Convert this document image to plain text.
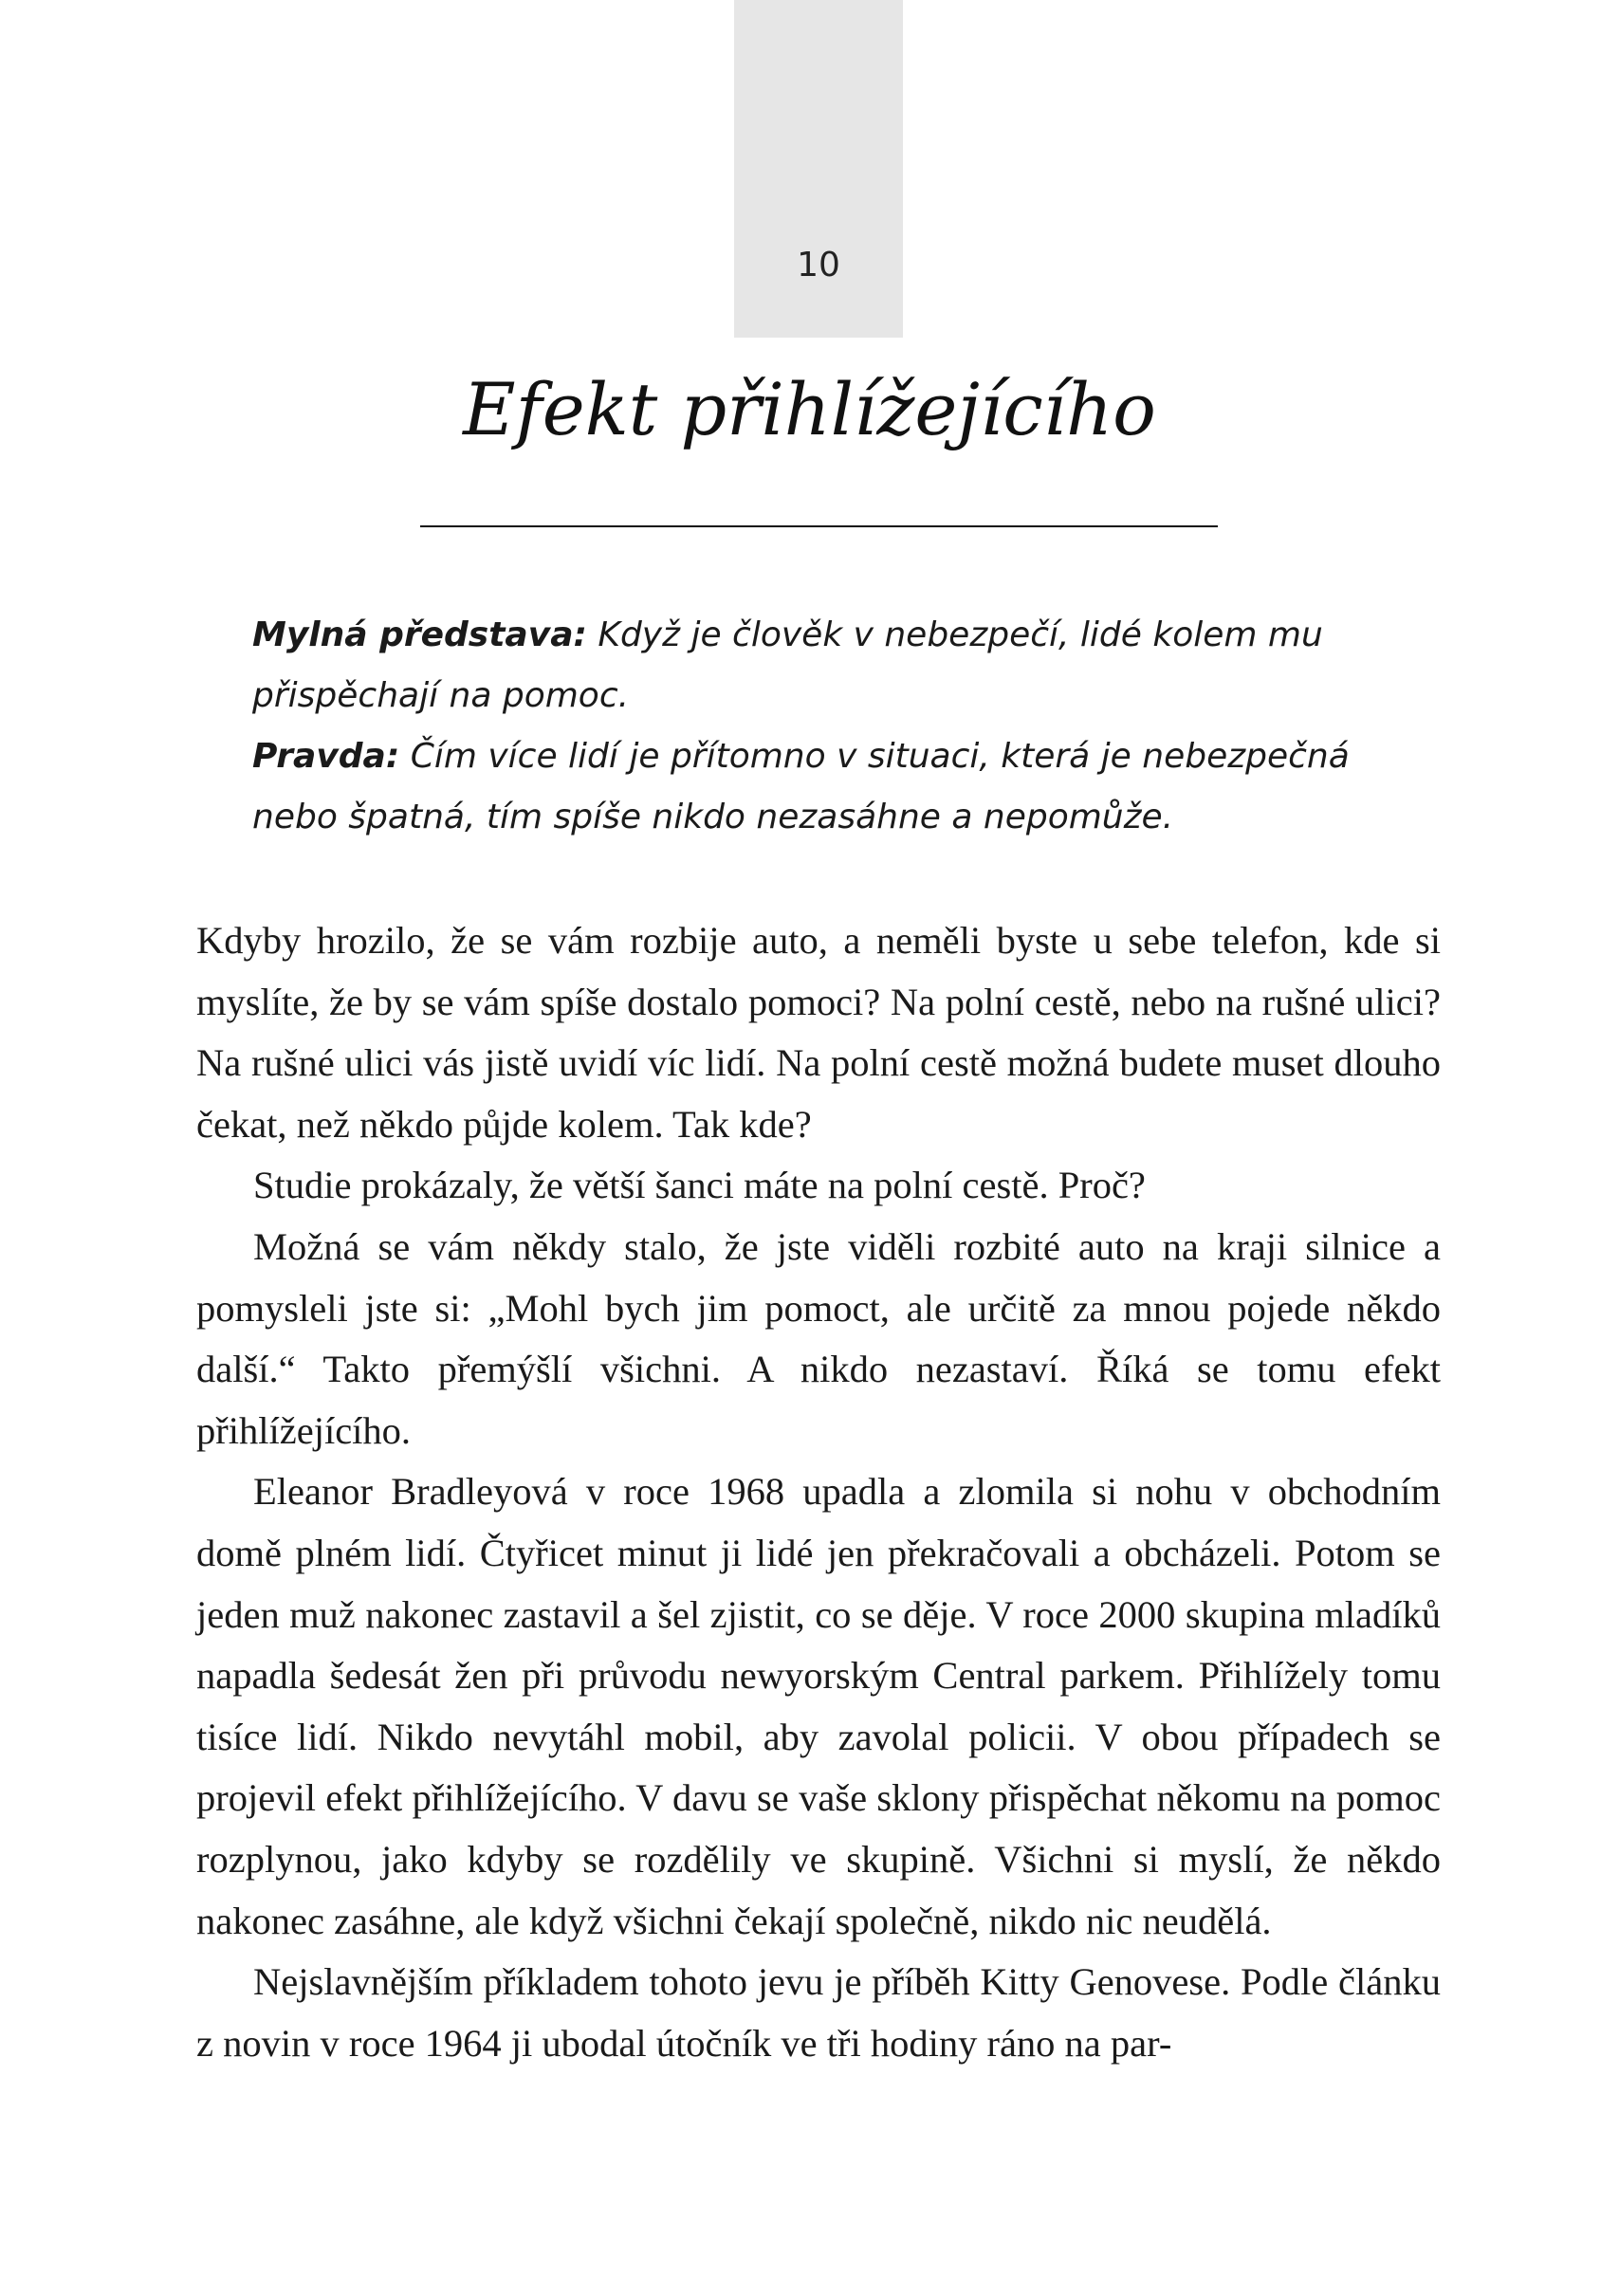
10
Efekt přihlížejícího

Mylná představa: Když je člověk v nebezpečí, lidé kolem mu přispěchají na pomoc.

Pravda: Čím více lidí je přítomno v situaci, která je nebezpečná nebo špatná, tím spíše nikdo nezasáhne a nepomůže.

Kdyby hrozilo, že se vám rozbije auto, a neměli byste u sebe telefon, kde si myslíte, že by se vám spíše dostalo pomoci? Na polní cestě, nebo na rušné ulici? Na rušné ulici vás jistě uvidí víc lidí. Na polní cestě možná budete muset dlouho čekat, než někdo půjde kolem. Tak kde?

Studie prokázaly, že větší šanci máte na polní cestě. Proč?

Možná se vám někdy stalo, že jste viděli rozbité auto na kraji silnice a pomysleli jste si: „Mohl bych jim pomoct, ale určitě za mnou pojede někdo další.“ Takto přemýšlí všichni. A nikdo nezastaví. Říká se tomu efekt přihlížejícího.

Eleanor Bradleyová v roce 1968 upadla a zlomila si nohu v obchodním domě plném lidí. Čtyřicet minut ji lidé jen překračovali a obcházeli. Potom se jeden muž nakonec zastavil a šel zjistit, co se děje. V roce 2000 skupina mladíků napadla šedesát žen při průvodu newyorským Central parkem. Přihlížely tomu tisíce lidí. Nikdo nevytáhl mobil, aby zavolal policii. V obou případech se projevil efekt přihlížejícího. V davu se vaše sklony přispěchat někomu na pomoc rozplynou, jako kdyby se rozdělily ve skupině. Všichni si myslí, že někdo nakonec zasáhne, ale když všichni čekají společně, nikdo nic neudělá.

Nejslavnějším příkladem tohoto jevu je příběh Kitty Genovese. Podle článku z novin v roce 1964 ji ubodal útočník ve tři hodiny ráno na par-
